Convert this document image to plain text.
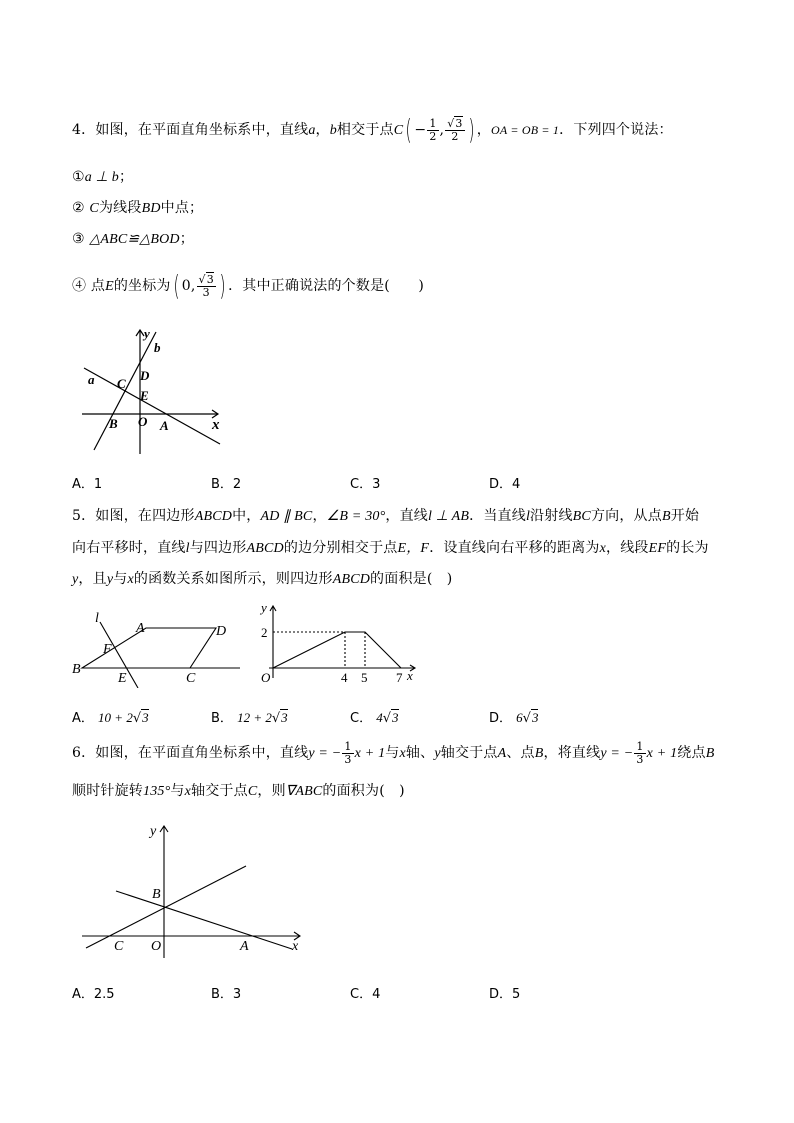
4．如图，在平面直角坐标系中，直线a，b相交于点$C( - \frac{1}{2}$ , $\frac{√3}{2}$ ) ，OA = OB = 1．下列四个说法：
①a ⊥ b；
② C为线段BD中点；
③ △ABC≌△BOD；
④ 点E的坐标为( 0, $\frac{√3}{3}$ ) ．其中正确说法的个数是(　　)
y
b
a C
D
E
B O A	x
A．1	B．2	C．3	D．4
5．如图，在四边形ABCD中，AD ∥ BC，∠B = 30°，直线l ⊥ AB．当直线l沿射线BC方向，从点B开始
向右平移时，直线l与四边形ABCD的边分别相交于点E，F．设直线向右平移的距离为x，线段EF的长为
y，且y与x的函数关系如图所示，则四边形ABCD的面积是(　)
l
A	D
F
B
E	C
y
2
O	4 5 7 x
A． 10 + 2√3	B． 12 + 2√3	C． 4√3	D． 6√3
6．如图，在平面直角坐标系中，直线y = − $\frac{1}{3}$ x + 1与x轴、y轴交于点A、点B，将直线y = − $\frac{1}{3}$ x + 1绕点B
顺时针旋转135°与x轴交于点C，则∇ABC的面积为(　)
y
B
C O	A	x
A．2.5	B．3	C．4	D．5
